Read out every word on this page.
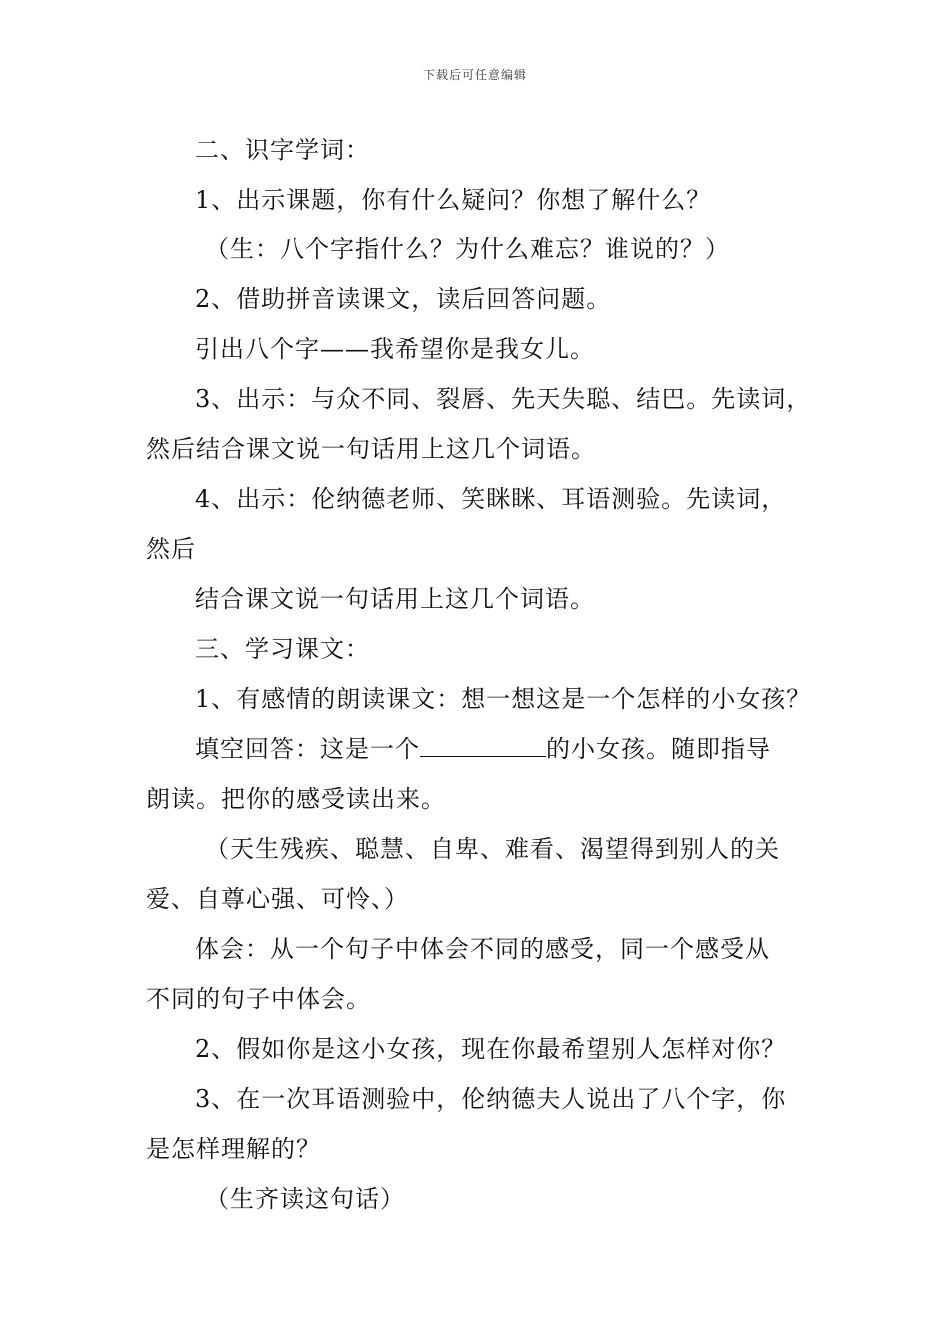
下载后可任意编辑
二、识字学词：
1、出示课题，你有什么疑问？你想了解什么？
（生：八个字指什么？为什么难忘？谁说的？）
2、借助拼音读课文，读后回答问题。
引出八个字——我希望你是我女儿。
3、出示：与众不同、裂唇、先天失聪、结巴。先读词，
然后结合课文说一句话用上这几个词语。
4、出示：伦纳德老师、笑眯眯、耳语测验。先读词，
然后
结合课文说一句话用上这几个词语。
三、学习课文：
1、有感情的朗读课文：想一想这是一个怎样的小女孩？
填空回答：这是一个	的小女孩。随即指导
朗读。把你的感受读出来。
（天生残疾、聪慧、自卑、难看、渴望得到别人的关
爱、自尊心强、可怜、）
体会：从一个句子中体会不同的感受，同一个感受从
不同的句子中体会。
2、假如你是这小女孩，现在你最希望别人怎样对你？
3、在一次耳语测验中，伦纳德夫人说出了八个字，你
是怎样理解的？
（生齐读这句话）
